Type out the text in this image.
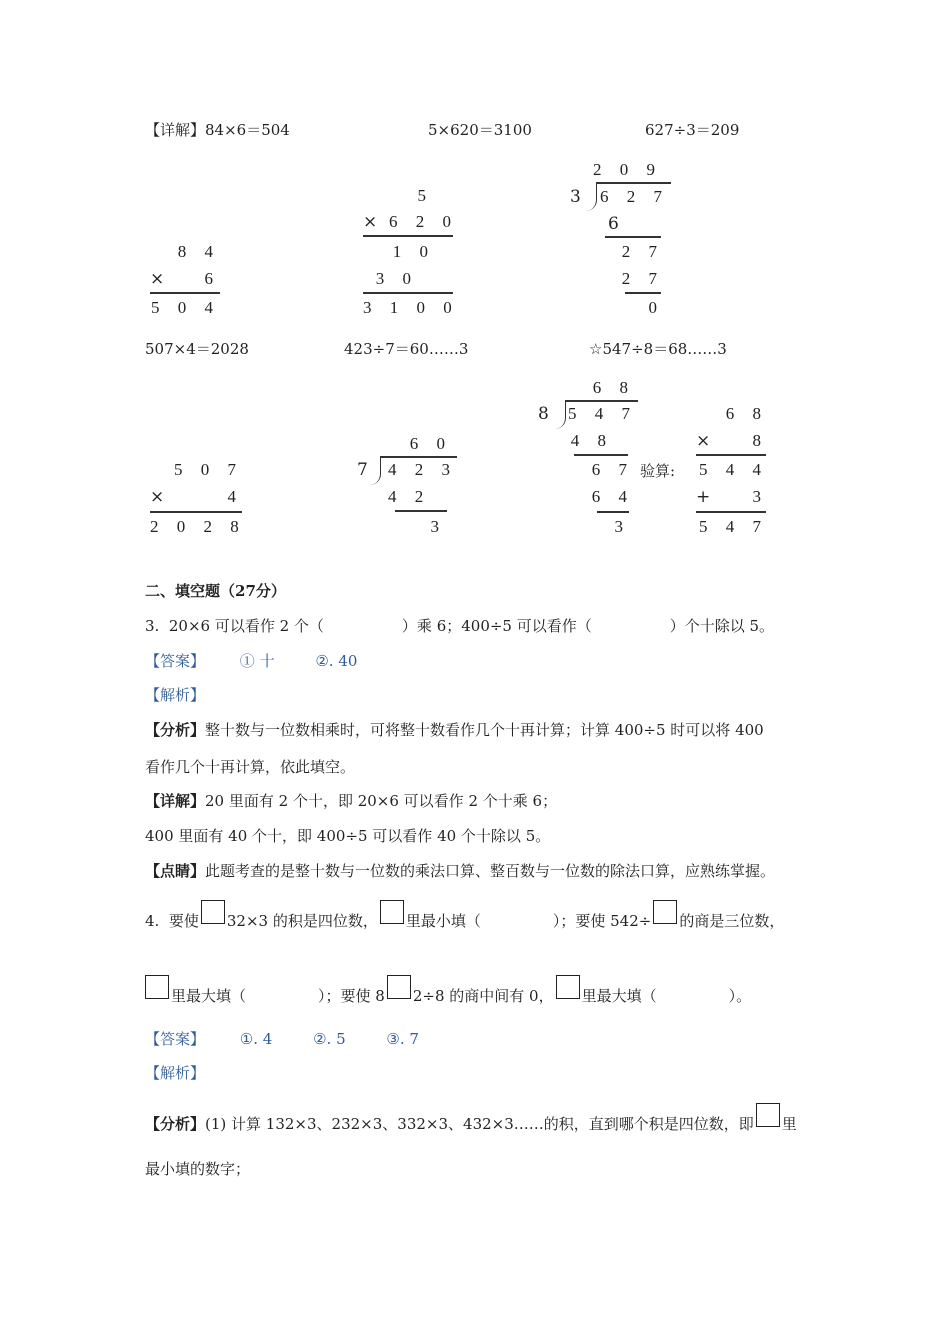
【详解】84×6＝504	5×620＝3100	627÷3＝209
8 4
×	6
5 0 4
5
× 6 2 0
1 0
3 0
3 1 0 0
2 0 9
3 6 2 7
6
2 7
2 7
0
507×4＝2028	423÷7＝60……3	☆547÷8＝68……3
5 0 7
×	4
2 0 2 8
6 0
7 4 2 3
4 2
3
6 8
8 5 4 7
4 8
6 7
6 4
3
验算:
6 8
×	8
5 4 4
+	3
5 4 7
二、填空题（27分）
3. 20×6 可以看作 2 个（	）乘 6；400÷5 可以看作（	）个十除以 5。
【答案】 ① 十	②. 40
【解析】
【分析】整十数与一位数相乘时，可将整十数看作几个十再计算；计算 400÷5 时可以将 400
看作几个十再计算，依此填空。
【详解】20 里面有 2 个十，即 20×6 可以看作 2 个十乘 6；
400 里面有 40 个十，即 400÷5 可以看作 40 个十除以 5。
【点睛】此题考查的是整十数与一位数的乘法口算、整百数与一位数的除法口算，应熟练掌握。
4. 要使 32×3 的积是四位数， 里最小填（	）；要使 542÷ 的商是三位数，
里最大填（	）；要使 8 2÷8 的商中间有 0， 里最大填（	）。
【答案】 ①. 4	②. 5	③. 7
【解析】
【分析】(1) 计算 132×3、232×3、332×3、432×3……的积，直到哪个积是四位数，即 里
最小填的数字；
